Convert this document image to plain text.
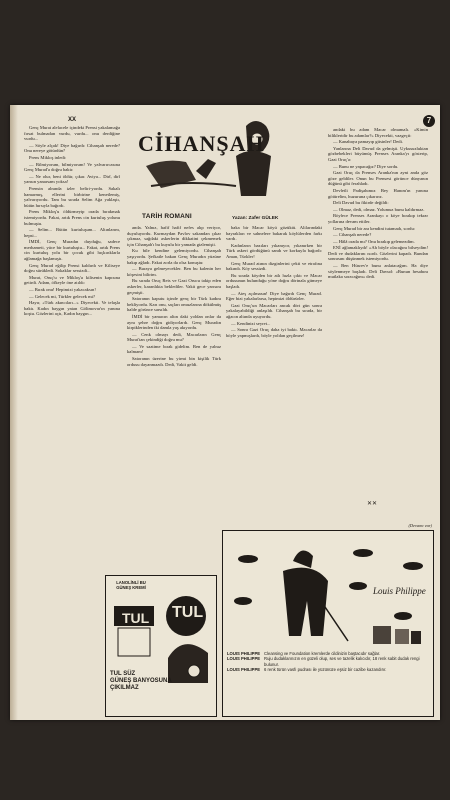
XX	7
CİHANŞAH
TARİH ROMANI	Yazan: Zafer GÜLEK

Genç Murat alelacele içindeki Prensi yakalamağa fırsat bulmadan vurdu, vurdu... onu derdiğine vurdu...

— Söyle alçak! Diye bağırdı: Cihanşah nerede? Onu nereye götürdün?

Prens Mikloş inledi:

— Bilmiyorum, bilmiyorum! Ve yalvarırcasına Genç Murad'a doğru baktı:

— Ne olur, beni öldür, çıkar. Aviya... Dirî, dirî yansın yanarsam yoksa!

Prensin alnında izler beliri-yordu. Sakalı hamarmış, ellerini birbirine kenetlemiş, yalvarıyordu. Tam bu sırada Selim Ağa yaklaştı, bütün hırsıyla bağırdı.

Prens Mikloş'u öldürmeyip orada bırakmak istemiyordu. Fakat, artık Prens cin kurtuluş yolunu bulmuştu.

— Selim... Bütün kurtuluşum... Altınlarım, hepsi...

İMDİ, Genç Muradın duyduğu, sadece merhameti, yüce bir kurtuluştu... Fakat, artık Prens cin kurtuluş yolu bir çocuk gibi hıçkırıklarla ağlamağa başlamıştı.

Genç Murad eğilip Prensi kaldırdı ve Kiliseye doğru sürükledi. Sokaklar sessizdi...

Murat, Oruç'u ve Mikloş'u kilisenin kapısına getirdi. Adam, öfkeyle öne atıldı:

— Bırak onu! Hepimizi yakacaksın!

— Gelecek mi, Türkler gelecek mi?

Hayır, «Türk akıncıları...» Diyecekti. Ve telaşla baktı. Kadın baygın yatan Gölimovar'ın yanına koştu. Gözlerini açtı, Kadın baygın...

anda. Yalnız, hafif hafif nefes alıp veriyor, duyuluyordu. Kurmaydan Pavlov sakandan çıkar çıkmaz, sağdaki askerlerin dikkatini çekmemek için Cihanşah'ı bu kuyulu bir yamada gizlemişti.

Ku bile kendine gelemiyordu. Cihanşah yaşıyordu. Şefkatle bakan Genç Muradın yüzüne bakıp ağladı. Fakat zorla da olsa konuştu:

— Buraya gelmeyecekler. Ben bu kalenin her köşesini bilirim.

Bu sırada Oruç Reis ve Gazi Orucu takip eden askerler, karanlıkta beklediler. Vakit gece yarısını geçmişti.

Satoranın kaputu içinde genç bir Türk kadını bekliyordu. Karı onu, saçları omuzlarına dökülmüş halde görünce sarsıldı.

İMDİ bir yamacın altın daki yoldan onlar da aynı şehre doğru gidiyorlardı. Genç Muradın kirpiklerinden iki damla yaş akıyordu.

— Cenk olmayı dedi, Macarların Genç Murat'tan çekindiği doğru mu?

— Ve saatime bırak gidelim. Ben de yalnız kalmam!

Satoranın üzerine bu yirmi bin kişilik Türk ordusu dayanmazdı. Dedi, Vakit geldi.

baka bir Macar köyü gözüktü. Alilarındaki bayrakları ve sahnelere bakarak köylülerden farkı vardı.

Kadınların bazıları yıkanıyor, yıkanırken bir Türk askeri gördüğünü sandı ve korkuyla bağırdı: Aman, Türkler!

Genç Murad atının dizginlerini çekti ve etrafına bakındı. Köy sessizdi.

Bu sırada köyden bir atlı hızla çıktı ve Macar ordusunun bulunduğu yöne doğru dörtnala gitmeye başladı.

— Ateş açılmasın! Diye bağırdı Genç Murad. Eğer bizi yakalarlarsa, hepimizi öldürürler.

Gazi Oruç'un Macarları ancak dört gün sonra yakalayabildiği anlaşıldı. Cihanşah bu sırada, bir ağacın altında uyuyordu.

— Kendinizi seyret...

— Sonra Gazi Oruç daha iyi baktı. Macarlar da böyle yapmışlardı, böyle yoldan geçilmez!

andaki bu adam Macar olmamalı. «Kimin bilikleridir bu adamlar?» Diyecekti, vazgeçti:

— Kanabaya pamayıp gitsinler! Dedi.

Yanlarına Deli Davud da gelmişti. Uykusuzluktan gözbebekleri büyümüş Prenses Aranka'yı gösterip, Gazi Oruç'a:

— Bunu ne yapacağız? Diye sordu.

Gazi Oruç da Prenses Aranka'nın ayni anda göz göze geldiler. Onun bu Prensesi görünce dünyanın düğünü gibi ferahladı.

Devletli Padişahımız Bey Hanım'ın yanına götürelim, huzuruna çıkarırız.

Deli Davud bu fikirde değildi:

— Olmaz, dedi, olmaz. Yolumuz bunu kaldırmaz.

Böylece Prenses Arankayı o köye bırakıp tekrar yollarına devam ettiler.

Genç Murad bir ara kendini tutamadı, sordu:

— Cihanşah nerede?

— Hâlâ orada mı? Onu bırakıp gelemezdim.

ENİ ağlamaklıydı! «Ah böyle olacağını bilseydim! Dedi ve dudaklarını ısırdı. Gözlerini kapadı. Bundan sonrasını düşünmek istemiyordu.

— Ben Hüsrev'e bunu anlatacağım. Ha diye söylenmeye başladı. Deli Davud: «Bunun hesabını mutlaka soracağım» dedi.

✕✕
(Devamı var)
LANOLİNLİ BU GÜNEŞ KREMİ
TUL TUL
TUL SÜZ
GÜNEŞ BANYOSUNA
ÇIKILMAZ
Louis Philippe
LOUIS PHILIPPE Cleansing ve Foundation kremlerde cildinizin baştacıdır sağlar.
LOUIS PHILIPPE Ruju dudaklarınızın en güzeli olup, ses ve tazelik kalıcıdır, 18 renk sabit dudak rengi bulunur.
LOUIS PHILIPPE 6 renk türün vasfı pudrası ile yüzünüze eşsiz bir cazibe kazandırır.
